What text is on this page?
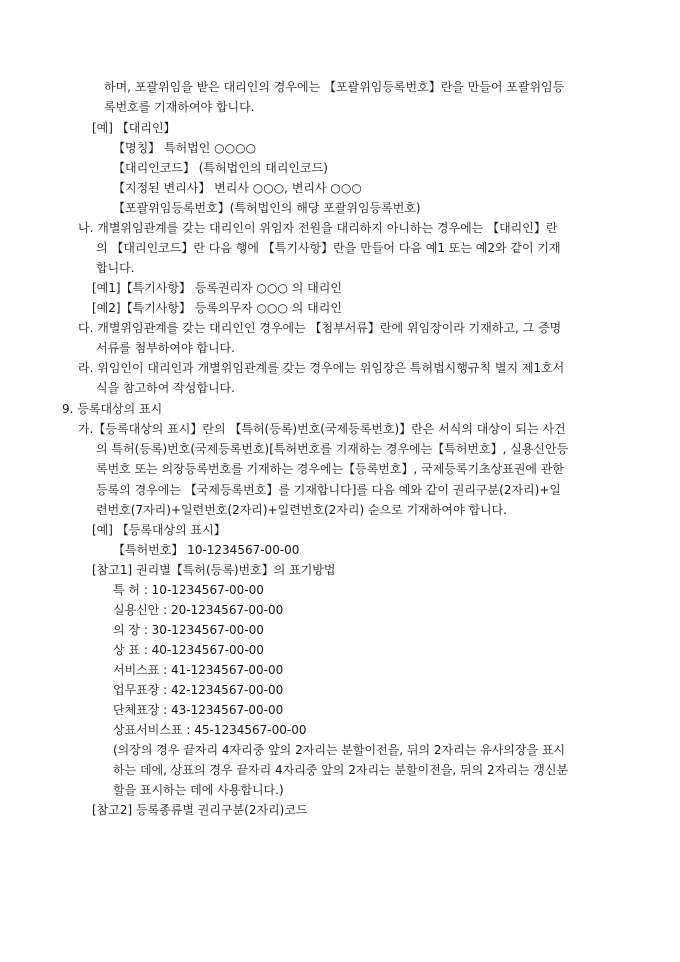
하며, 포괄위임을 받은 대리인의 경우에는 【포괄위임등록번호】란을 만들어 포괄위임등
록번호를 기재하여야 합니다.
[예] 【대리인】
【명칭】 특허법인 ○○○○
【대리인코드】 (특허법인의 대리인코드)
【지정된 변리사】 변리사 ○○○, 변리사 ○○○
【포괄위임등록번호】(특허법인의 해당 포괄위임등록번호)
나. 개별위임관계를 갖는 대리인이 위임자 전원을 대리하지 아니하는 경우에는 【대리인】란
의 【대리인코드】란 다음 행에 【특기사항】란을 만들어 다음 예1 또는 예2와 같이 기재
합니다.
[예1]【특기사항】 등록권리자 ○○○ 의 대리인
[예2]【특기사항】 등록의무자 ○○○ 의 대리인
다. 개별위임관계를 갖는 대리인인 경우에는 【첨부서류】란에 위임장이라 기재하고, 그 증명
서류를 첨부하여야 합니다.
라. 위임인이 대리인과 개별위임관계를 갖는 경우에는 위임장은 특허법시행규칙 별지 제1호서
식을 참고하여 작성합니다.
9. 등록대상의 표시
가.【등록대상의 표시】란의 【특허(등록)번호(국제등록번호)】란은 서식의 대상이 되는 사건
의 특허(등록)번호(국제등록번호)[특허번호를 기재하는 경우에는【특허번호】, 실용신안등
록번호 또는 의장등록번호를 기재하는 경우에는【등록번호】, 국제등록기초상표권에 관한
등록의 경우에는 【국제등록번호】를 기재합니다]를 다음 예와 같이 권리구분(2자리)+일
련번호(7자리)+일련번호(2자리)+일련번호(2자리) 순으로 기재하여야 합니다.
[예] 【등록대상의 표시】
【특허번호】 10-1234567-00-00
[참고1] 권리별【특허(등록)번호】의 표기방법
특 허 : 10-1234567-00-00
실용신안 : 20-1234567-00-00
의 장 : 30-1234567-00-00
상 표 : 40-1234567-00-00
서비스표 : 41-1234567-00-00
업무표장 : 42-1234567-00-00
단체표장 : 43-1234567-00-00
상표서비스표 : 45-1234567-00-00
(의장의 경우 끝자리 4자리중 앞의 2자리는 분할이전을, 뒤의 2자리는 유사의장을 표시
하는 데에, 상표의 경우 끝자리 4자리중 앞의 2자리는 분할이전을, 뒤의 2자리는 갱신분
할을 표시하는 데에 사용합니다.)
[참고2] 등록종류별 권리구분(2자리)코드
